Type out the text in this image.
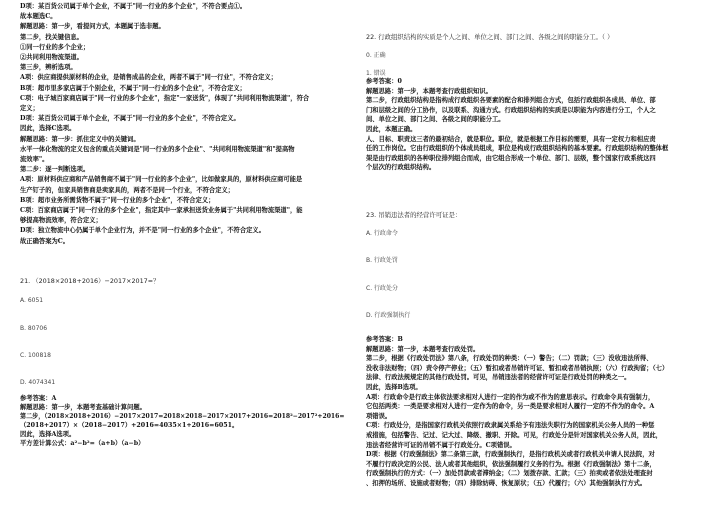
D项：某百货公司属于单个企业，不属于"同一行业的多个企业"，不符合要点①。
故本题选C。
解题思路：第一步，看提问方式，本题属于选非题。
第二步，找关键信息。
①同一行业的多个企业；
②共同利用物流渠道。
第三步，辨析选项。
A项：供应商提供原材料的企业，是销售成品的企业，两者不属于"同一行业"，不符合定义；
B项：超市里多家店属于个别企业，不属于"同一行业的多个企业"，不符合定义；
C项：电子城百家商店属于"同一行业的多个企业"，指定"一家送货"，体现了"共同利用物流渠道"，符合
定义；
D项：某百货公司属于单个企业，不属于"同一行业的多个企业"，不符合定义。
因此，选择C选项。
解题思路：第一步：抓住定义中的关键词。
水平一体化物流的定义包含的重点关键词是"同一行业的多个企业"、"共同利用物流渠道"和"提高物
流效率"。
第二步：逐一判断选项。
A项：原材料供应商和产品销售商不属于"同一行业的多个企业"，比如做家具的，原材料供应商可能是
生产钉子的，但家具销售商是卖家具的，两者不是同一个行业，不符合定义；
B项：超市业务所需货物不属于"同一行业的多个企业"，不符合定义；
C项：百家商店属于"同一行业的多个企业"，指定其中一家承担送货业务属于"共同利用物流渠道"，能
够提高物流效率，符合定义；
D项：独立物流中心仍属于单个企业行为，并不是"同一行业的多个企业"，不符合定义。
故正确答案为C。
21. （2018×2018+2016）−2017×2017=？
A. 6051
B. 80706
C. 100818
D. 4074341
参考答案：A
解题思路：第一步，本题考查基础计算问题。
第二步，（2018×2018+2016）−2017×2017=2018×2018−2017×2017+2016=2018²−2017²+2016=
（2018+2017）×（2018−2017）+2016=4035×1+2016=6051。
因此，选择A选项。
平方差计算公式：a²−b²=（a+b）（a−b）
22. 行政组织结构的实质是个人之间、单位之间、部门之间、各级之间的职能分工。（ ）
0. 正确
1. 错误
参考答案：0
解题思路：第一步，本题考查行政组织知识。
第二步，行政组织结构是指构成行政组织各要素的配合和排列组合方式，包括行政组织各成员、单位、部
门和层级之间的分工协作，以及联系、沟通方式。行政组织结构的实质是以职能为内容进行分工，个人之
间、单位之间、部门之间、各级之间的职能分工。
因此，本题正确。
人、目标、职责这三者的最初结合，就是职位。职位，就是根据工作目标的需要，具有一定权力和相应责
任的工作岗位。它由行政组织的个体成员组成，职位是构成行政组织结构的基本要素。行政组织结构的整体框
架是由行政组织的各种职位排列组合而成，由它组合形成一个单位、部门、层级，整个国家行政系统这四
个层次的行政组织结构。
23. 吊销违法者的经营许可证是：
A. 行政命令
B. 行政处罚
C. 行政处分
D. 行政强制执行
参考答案：B
解题思路：第一步，本题考查行政处罚。
第二步，根据《行政处罚法》第八条，行政处罚的种类：（一）警告；（二）罚款；（三）没收违法所得、
没收非法财物；（四）责令停产停业；（五）暂扣或者吊销许可证、暂扣或者吊销执照；（六）行政拘留；（七）
法律、行政法规规定的其他行政处罚。可见，吊销违法者的经营许可证是行政处罚的种类之一。
因此，选择B选项。
A项：行政命令是行政主体依法要求相对人进行一定的作为或不作为的意思表示。行政命令具有强制力，
它包括两类：一类是要求相对人进行一定作为的命令，另一类是要求相对人履行一定的不作为的命令。A
项错误。
C项：行政处分，是指国家行政机关依照行政隶属关系给予有违法失职行为的国家机关公务人员的一种惩
戒措施，包括警告、记过、记大过、降级、撤职、开除。可见，行政处分是针对国家机关公务人员，因此，
违法者经营许可证的吊销不属于行政处分。C项错误。
D项：根据《行政强制法》第二条第三款，行政强制执行，是指行政机关或者行政机关申请人民法院，对
不履行行政决定的公民、法人或者其他组织，依法强制履行义务的行为。根据《行政强制法》第十二条，
行政强制执行的方式：（一）加处罚款或者滞纳金；（二）划拨存款、汇款；（三）拍卖或者依法处理查封
、扣押的场所、设施或者财物；（四）排除妨碍、恢复原状；（五）代履行；（六）其他强制执行方式。
